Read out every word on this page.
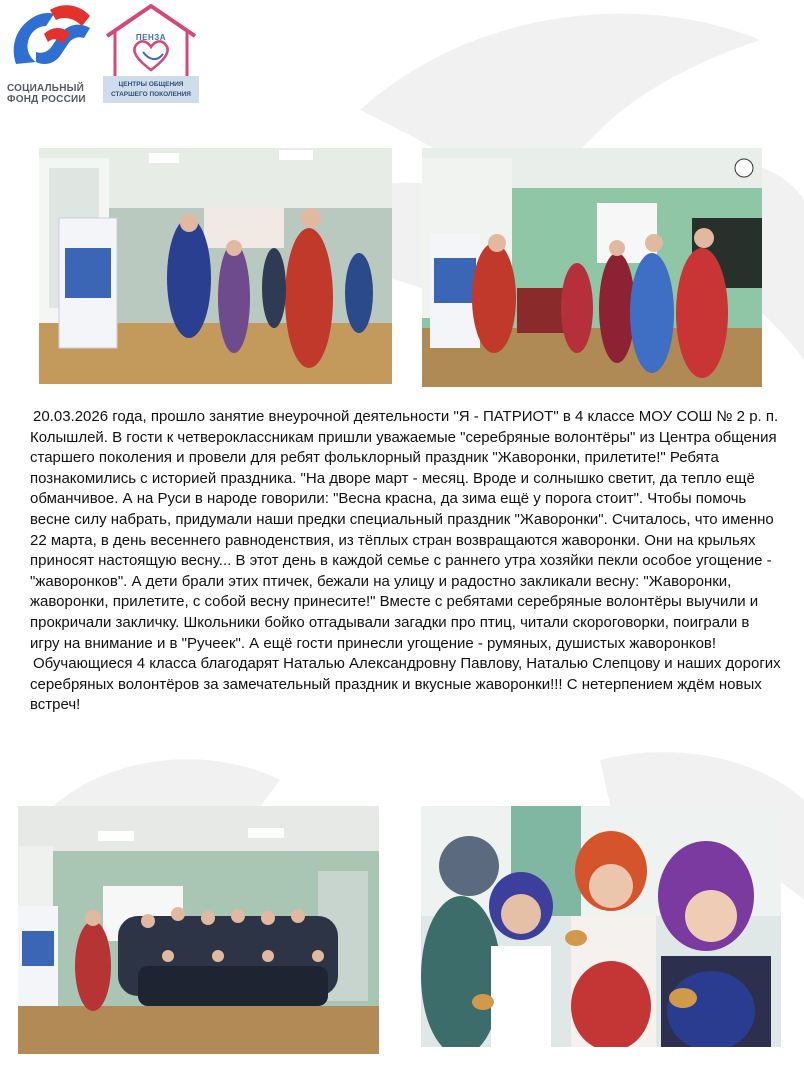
СОЦИАЛЬНЫЙ
ФОНД РОССИИ
ПЕНЗА
ЦЕНТРЫ ОБЩЕНИЯ
СТАРШЕГО ПОКОЛЕНИЯ

20.03.2026 года, прошло занятие внеурочной деятельности "Я - ПАТРИОТ" в 4 классе МОУ СОШ № 2 р. п. Колышлей. В гости к четвероклассникам пришли уважаемые "серебряные волонтёры" из Центра общения старшего поколения и провели для ребят фольклорный праздник "Жаворонки, прилетите!" Ребята познакомились с историей праздника. "На дворе март - месяц. Вроде и солнышко светит, да тепло ещё обманчивое. А на Руси в народе говорили: "Весна красна, да зима ещё у порога стоит". Чтобы помочь весне силу набрать, придумали наши предки специальный праздник "Жаворонки". Считалось, что именно 22 марта, в день весеннего равноденствия, из тёплых стран возвращаются жаворонки. Они на крыльях приносят настоящую весну... В этот день в каждой семье с раннего утра хозяйки пекли особое угощение - "жаворонков". А дети брали этих птичек, бежали на улицу и радостно закликали весну: "Жаворонки, жаворонки, прилетите, с собой весну принесите!" Вместе с ребятами серебряные волонтёры выучили и прокричали закличку. Школьники бойко отгадывали загадки про птиц, читали скороговорки, поиграли в игру на внимание и в "Ручеек". А ещё гости принесли угощение - румяных, душистых жаворонков!

Обучающиеся 4 класса благодарят Наталью Александровну Павлову, Наталью Слепцову и наших дорогих серебряных волонтёров за замечательный праздник и вкусные жаворонки!!! С нетерпением ждём новых встреч!
